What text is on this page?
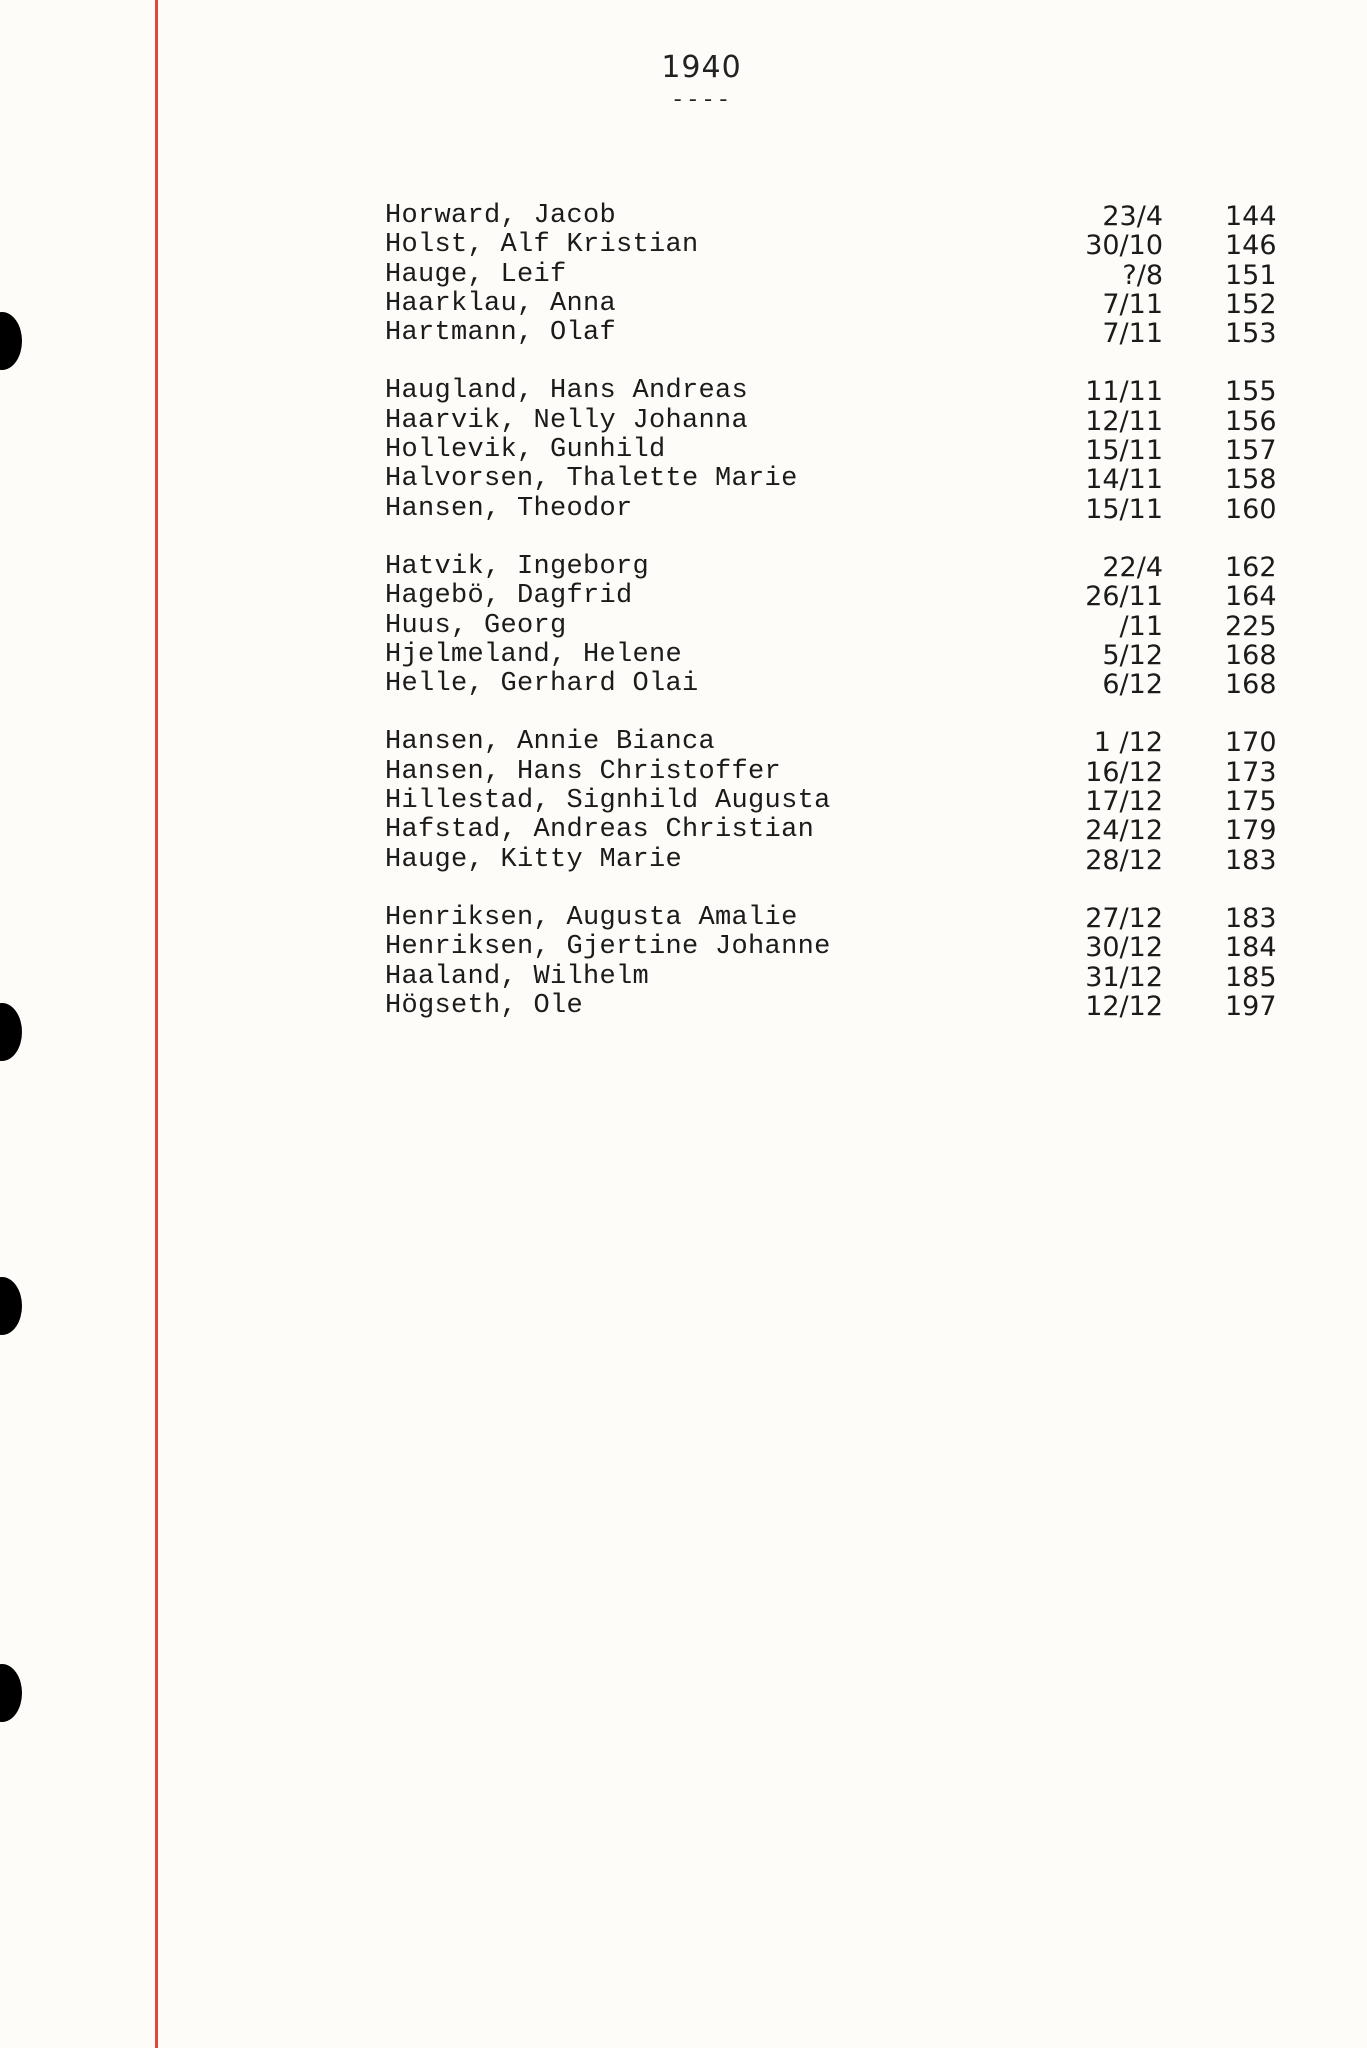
1940
----
Horward, Jacob	23/4 144
Holst, Alf Kristian	30/10 146
Hauge, Leif	?/8 151
Haarklau, Anna	7/11 152
Hartmann, Olaf	7/11 153
Haugland, Hans Andreas	11/11 155
Haarvik, Nelly Johanna	12/11 156
Hollevik, Gunhild	15/11 157
Halvorsen, Thalette Marie	14/11 158
Hansen, Theodor	15/11 160
Hatvik, Ingeborg	22/4 162
Hagebö, Dagfrid	26/11 164
Huus, Georg	/11 225
Hjelmeland, Helene	5/12 168
Helle, Gerhard Olai	6/12 168
Hansen, Annie Bianca	1 /12 170
Hansen, Hans Christoffer	16/12 173
Hillestad, Signhild Augusta	17/12 175
Hafstad, Andreas Christian	24/12 179
Hauge, Kitty Marie	28/12 183
Henriksen, Augusta Amalie	27/12 183
Henriksen, Gjertine Johanne	30/12 184
Haaland, Wilhelm	31/12 185
Högseth, Ole	12/12 197
